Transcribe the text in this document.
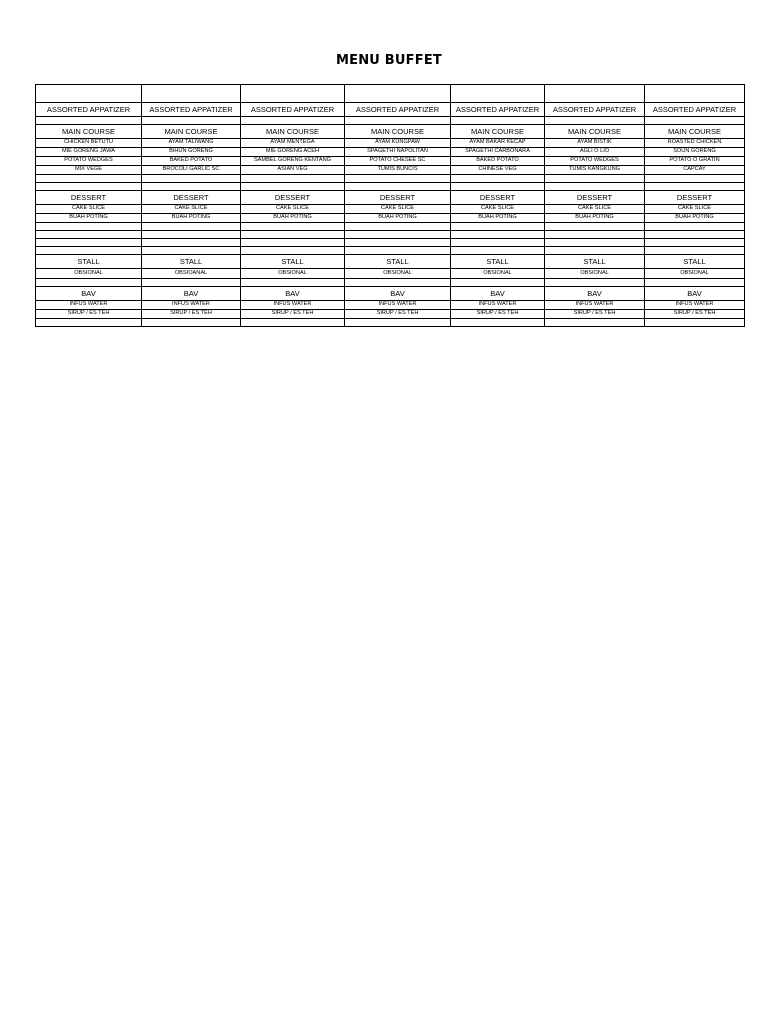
MENU BUFFET

ASSORTED APPATIZER	ASSORTED APPATIZER	ASSORTED APPATIZER	ASSORTED APPATIZER	ASSORTED APPATIZER	ASSORTED APPATIZER	ASSORTED APPATIZER

MAIN COURSE	MAIN COURSE	MAIN COURSE	MAIN COURSE	MAIN COURSE	MAIN COURSE	MAIN COURSE
CHICKEN BETUTU	AYAM TALIWANG	AYAM MENTEGA	AYAM KUNGPAW	AYAM BAKAR KECAP	AYAM BISTIK	ROASTED CHICKEN
MIE GORENG JAWA	BIHUN GORENG	MIE GORENG ACEH	SPAGETHI NAPOLITAN	SPAGETHI CARBONARA	AGLI O LIO	SOUN GORENG
POTATO WEDGES	BAKED POTATO	SAMBEL GORENG KENTANG	POTATO CHESEE SC	BAKED POTATO	POTATO WEDGES	POTATO O GRATIN
MIX VEGE	BROCOLI GARLIC SC	ASIAN VEG	TUMIS BUNCIS	CHINESE VEG	TUMIS KANGKUNG	CAPCAY

DESSERT	DESSERT	DESSERT	DESSERT	DESSERT	DESSERT	DESSERT
CAKE SLICE	CAKE SLICE	CAKE SLICE	CAKE SLICE	CAKE SLICE	CAKE SLICE	CAKE SLICE
BUAH POTING	BUAH POTING	BUAH POTING	BUAH POTING	BUAH POTING	BUAH POTING	BUAH POTING

STALL	STALL	STALL	STALL	STALL	STALL	STALL
OBSIONAL	OBSIOANAL	OBSIONAL	OBSIONAL	OBSIONAL	OBSIONAL	OBSIONAL

BAV	BAV	BAV	BAV	BAV	BAV	BAV
INFUS WATER	INFUS WATER	INFUS WATER	INFUS WATER	INFUS WATER	INFUS WATER	INFUS WATER
SIRUP / ES TEH	SIRUP / ES TEH	SIRUP / ES TEH	SIRUP / ES TEH	SIRUP / ES TEH	SIRUP / ES TEH	SIRUP / ES TEH
